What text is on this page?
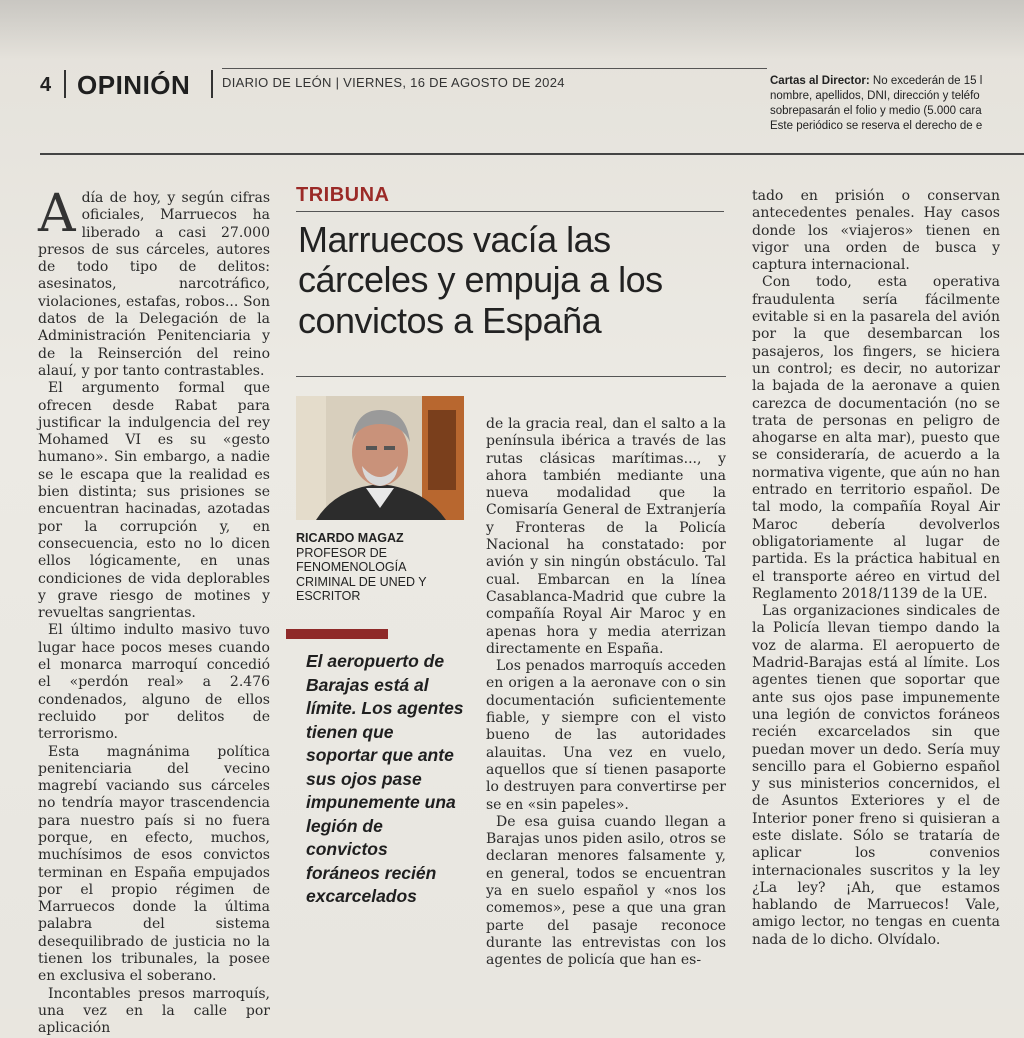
4 OPINIÓN DIARIO DE LEÓN | VIERNES, 16 DE AGOSTO DE 2024	Cartas al Director: No excederán de 15 l
nombre, apellidos, DNI, dirección y teléfo
sobrepasarán el folio y medio (5.000 cara
Este periódico se reserva el derecho de e

Adía de hoy, y según cifras oficiales, Marruecos ha liberado a casi 27.000 presos de sus cárceles, autores de todo tipo de delitos: asesinatos, narcotráfico, violaciones, estafas, robos... Son datos de la Delegación de la Administración Penitenciaria y de la Reinserción del reino alauí, y por tanto contrastables.

El argumento formal que ofrecen desde Rabat para justificar la indulgencia del rey Mohamed VI es su «gesto humano». Sin embargo, a nadie se le escapa que la realidad es bien distinta; sus prisiones se encuentran hacinadas, azotadas por la corrupción y, en consecuencia, esto no lo dicen ellos lógicamente, en unas condiciones de vida deplorables y grave riesgo de motines y revueltas sangrientas.

El último indulto masivo tuvo lugar hace pocos meses cuando el monarca marroquí concedió el «perdón real» a 2.476 condenados, alguno de ellos recluido por delitos de terrorismo.

Esta magnánima política penitenciaria del vecino magrebí vaciando sus cárceles no tendría mayor trascendencia para nuestro país si no fuera porque, en efecto, muchos, muchísimos de esos convictos terminan en España empujados por el propio régimen de Marruecos donde la última palabra del sistema desequilibrado de justicia no la tienen los tribunales, la posee en exclusiva el soberano.

Incontables presos marroquís, una vez en la calle por aplicación

TRIBUNA
Marruecos vacía las cárceles y empuja a los convictos a España
RICARDO MAGAZ
PROFESOR DE FENOMENOLOGÍA CRIMINAL DE UNED Y ESCRITOR
El aeropuerto de Barajas está al límite. Los agentes tienen que soportar que ante sus ojos pase impunemente una legión de convictos foráneos recién excarcelados

de la gracia real, dan el salto a la península ibérica a través de las rutas clásicas marítimas..., y ahora también mediante una nueva modalidad que la Comisaría General de Extranjería y Fronteras de la Policía Nacional ha constatado: por avión y sin ningún obstáculo. Tal cual. Embarcan en la línea Casablanca-Madrid que cubre la compañía Royal Air Maroc y en apenas hora y media aterrizan directamente en España.

Los penados marroquís acceden en origen a la aeronave con o sin documentación suficientemente fiable, y siempre con el visto bueno de las autoridades alauitas. Una vez en vuelo, aquellos que sí tienen pasaporte lo destruyen para convertirse per se en «sin papeles».

De esa guisa cuando llegan a Barajas unos piden asilo, otros se declaran menores falsamente y, en general, todos se encuentran ya en suelo español y «nos los comemos», pese a que una gran parte del pasaje reconoce durante las entrevistas con los agentes de policía que han es-

tado en prisión o conservan antecedentes penales. Hay casos donde los «viajeros» tienen en vigor una orden de busca y captura internacional.

Con todo, esta operativa fraudulenta sería fácilmente evitable si en la pasarela del avión por la que desembarcan los pasajeros, los fingers, se hiciera un control; es decir, no autorizar la bajada de la aeronave a quien carezca de documentación (no se trata de personas en peligro de ahogarse en alta mar), puesto que se consideraría, de acuerdo a la normativa vigente, que aún no han entrado en territorio español. De tal modo, la compañía Royal Air Maroc debería devolverlos obligatoriamente al lugar de partida. Es la práctica habitual en el transporte aéreo en virtud del Reglamento 2018/1139 de la UE.

Las organizaciones sindicales de la Policía llevan tiempo dando la voz de alarma. El aeropuerto de Madrid-Barajas está al límite. Los agentes tienen que soportar que ante sus ojos pase impunemente una legión de convictos foráneos recién excarcelados sin que puedan mover un dedo. Sería muy sencillo para el Gobierno español y sus ministerios concernidos, el de Asuntos Exteriores y el de Interior poner freno si quisieran a este dislate. Sólo se trataría de aplicar los convenios internacionales suscritos y la ley ¿La ley? ¡Ah, que estamos hablando de Marruecos! Vale, amigo lector, no tengas en cuenta nada de lo dicho. Olvídalo.
